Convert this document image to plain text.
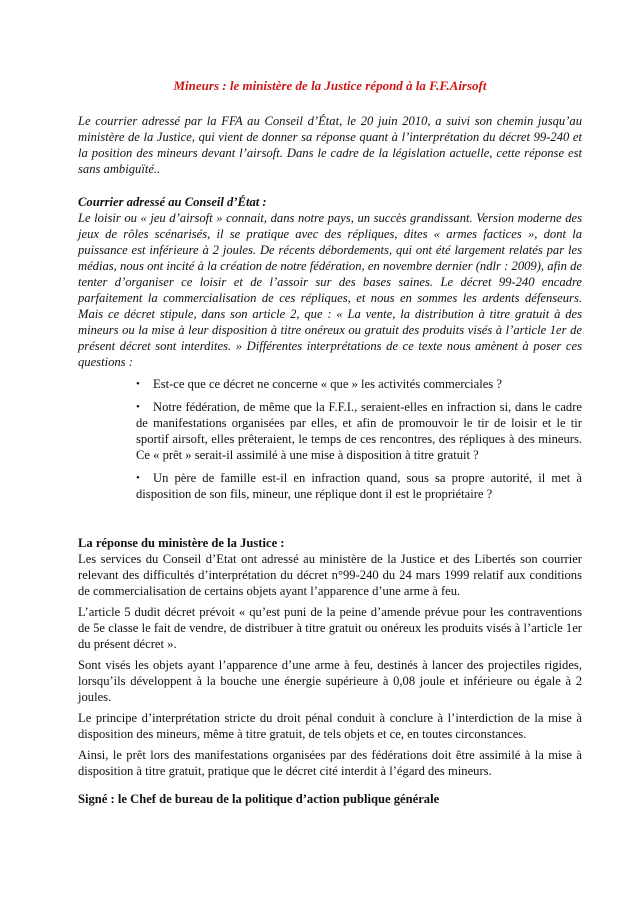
Mineurs : le ministère de la Justice répond à la F.F.Airsoft

Le courrier adressé par la FFA au Conseil d’État, le 20 juin 2010, a suivi son chemin jusqu’au ministère de la Justice, qui vient de donner sa réponse quant à l’interprétation du décret 99-240 et la position des mineurs devant l’airsoft. Dans le cadre de la législation actuelle, cette réponse est sans ambiguïté..

Courrier adressé au Conseil d’État :

Le loisir ou « jeu d’airsoft » connait, dans notre pays, un succès grandissant. Version moderne des jeux de rôles scénarisés, il se pratique avec des répliques, dites « armes factices », dont la puissance est inférieure à 2 joules. De récents débordements, qui ont été largement relatés par les médias, nous ont incité à la création de notre fédération, en novembre dernier (ndlr : 2009), afin de tenter d’organiser ce loisir et de l’assoir sur des bases saines. Le décret 99-240 encadre parfaitement la commercialisation de ces répliques, et nous en sommes les ardents défenseurs. Mais ce décret stipule, dans son article 2, que : « La vente, la distribution à titre gratuit à des mineurs ou la mise à leur disposition à titre onéreux ou gratuit des produits visés à l’article 1er de présent décret sont interdites. » Différentes interprétations de ce texte nous amènent à poser ces questions :

• Est-ce que ce décret ne concerne « que » les activités commerciales ?
• Notre fédération, de même que la F.F.I., seraient-elles en infraction si, dans le cadre de manifestations organisées par elles, et afin de promouvoir le tir de loisir et le tir sportif airsoft, elles prêteraient, le temps de ces rencontres, des répliques à des mineurs. Ce « prêt » serait-il assimilé à une mise à disposition à titre gratuit ?
• Un père de famille est-il en infraction quand, sous sa propre autorité, il met à disposition de son fils, mineur, une réplique dont il est le propriétaire ?
La réponse du ministère de la Justice :

Les services du Conseil d’Etat ont adressé au ministère de la Justice et des Libertés son courrier relevant des difficultés d’interprétation du décret n°99-240 du 24 mars 1999 relatif aux conditions de commercialisation de certains objets ayant l’apparence d’une arme à feu.

L’article 5 dudit décret prévoit « qu’est puni de la peine d’amende prévue pour les contraventions de 5e classe le fait de vendre, de distribuer à titre gratuit ou onéreux les produits visés à l’article 1er du présent décret ».

Sont visés les objets ayant l’apparence d’une arme à feu, destinés à lancer des projectiles rigides, lorsqu’ils développent à la bouche une énergie supérieure à 0,08 joule et inférieure ou égale à 2 joules.

Le principe d’interprétation stricte du droit pénal conduit à conclure à l’interdiction de la mise à disposition des mineurs, même à titre gratuit, de tels objets et ce, en toutes circonstances.

Ainsi, le prêt lors des manifestations organisées par des fédérations doit être assimilé à la mise à disposition à titre gratuit, pratique que le décret cité interdit à l’égard des mineurs.

Signé : le Chef de bureau de la politique d’action publique générale
